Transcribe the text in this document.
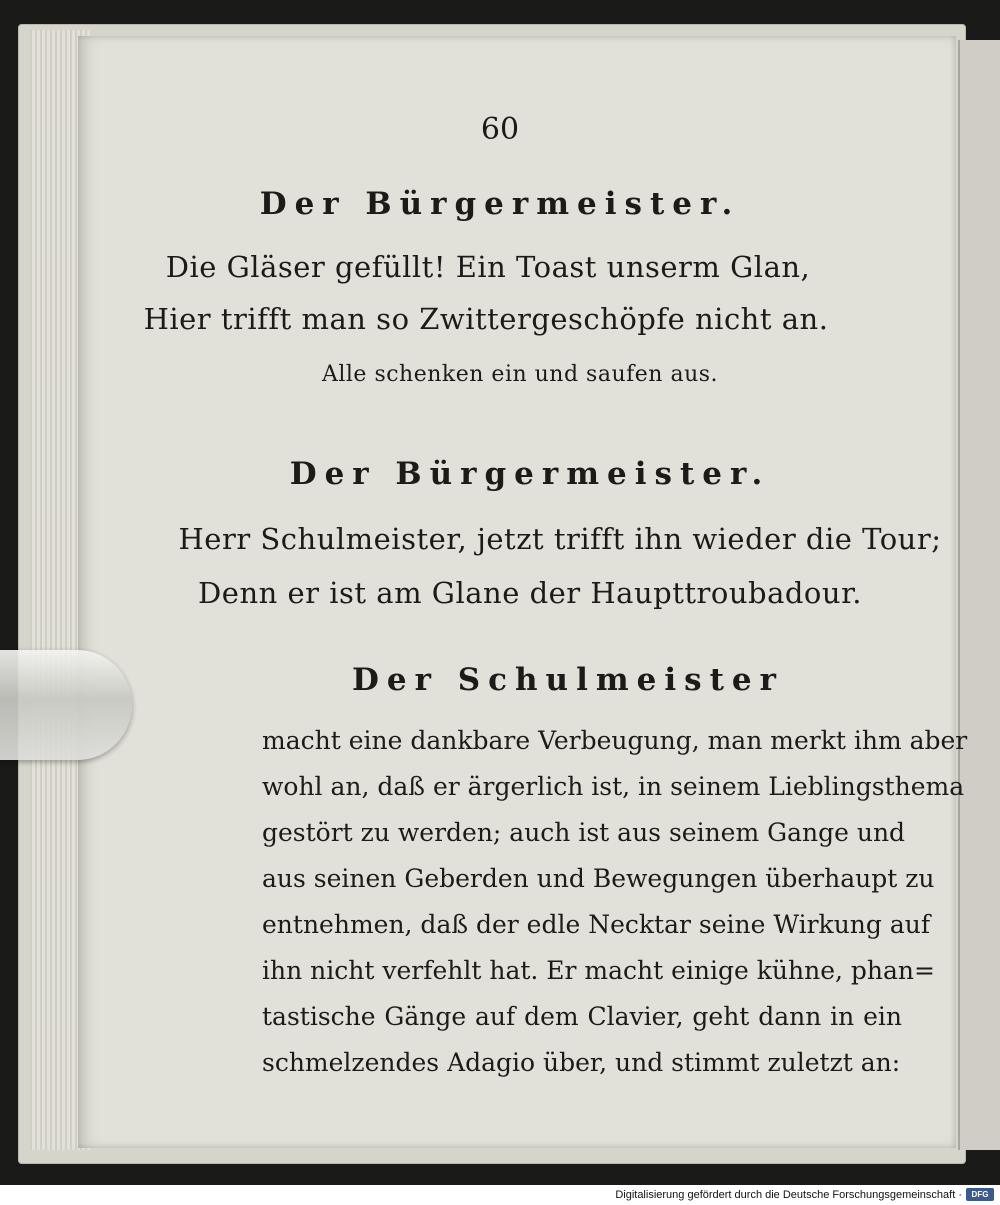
60
Der Bürgermeister.
Die Gläser gefüllt! Ein Toast unserm Glan,
Hier trifft man so Zwittergeschöpfe nicht an.
Alle schenken ein und saufen aus.
Der Bürgermeister.
Herr Schulmeister, jetzt trifft ihn wieder die Tour;
Denn er ist am Glane der Haupttroubadour.
Der Schulmeister
macht eine dankbare Verbeugung, man merkt ihm aber
wohl an, daß er ärgerlich ist, in seinem Lieblingsthema
gestört zu werden; auch ist aus seinem Gange und
aus seinen Geberden und Bewegungen überhaupt zu
entnehmen, daß der edle Necktar seine Wirkung auf
ihn nicht verfehlt hat. Er macht einige kühne, phan=
tastische Gänge auf dem Clavier, geht dann in ein
schmelzendes Adagio über, und stimmt zuletzt an:
Digitalisierung gefördert durch die Deutsche Forschungsgemeinschaft ·	DFG
